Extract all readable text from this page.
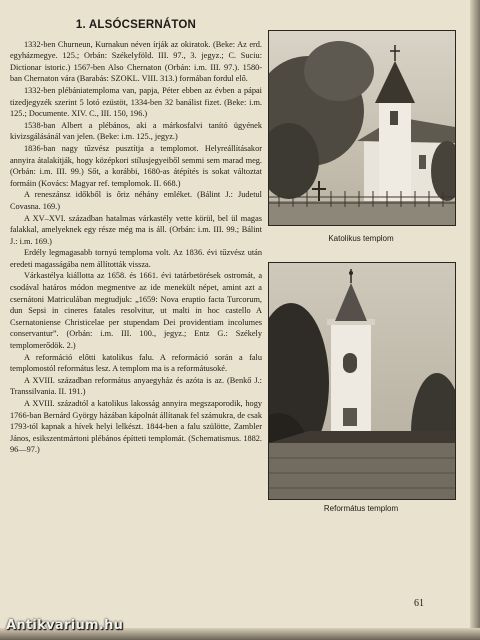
1. ALSÓCSERNÁTON

1332-ben Churneun, Kurnakun néven írják az okiratok. (Beke: Az erd. egyházmegye. 125.; Orbán: Székelyföld. III. 97., 3. jegyz.; C. Suciu: Dictionar istoric.) 1567-ben Also Chernaton (Orbán: i.m. III. 97.). 1580-ban Chernaton vára (Barabás: SZOKL. VIII. 313.) formában fordul elő.

1332-ben plébániatemploma van, papja, Péter ebben az évben a pápai tizedjegyzék szerint 5 lotó ezüstöt, 1334-ben 32 banálist fizet. (Beke: i.m. 125.; Documente. XIV. C., III. 150, 196.)

1538-ban Albert a plébános, aki a márkosfalvi tanító ügyének kivizsgálásánál van jelen. (Beke: i.m. 125., jegyz.)

1836-ban nagy tűzvész pusztítja a templomot. Helyreállításakor annyira átalakítják, hogy középkori stílusjegyeiből semmi sem marad meg. (Orbán: i.m. III. 99.) Sőt, a korábbi, 1680-as átépítés is sokat változtat formáin (Kovács: Magyar ref. templomok. II. 668.)

A reneszánsz időkből is őriz néhány emléket. (Bálint J.: Judetul Covasna. 169.)

A XV–XVI. században hatalmas várkastély vette körül, bel ül magas falakkal, amelyeknek egy része még ma is áll. (Orbán: i.m. III. 99.; Bálint J.: i.m. 169.)

Erdély legmagasabb tornyú temploma volt. Az 1836. évi tűzvész után eredeti magasságába nem állították vissza.

Várkastélya kiállotta az 1658. és 1661. évi tatárbetörések ostromát, a csodával határos módon megmentve az ide menekült népet, amint azt a csernátoni Matriculában megtudjuk: „1659: Nova eruptio facta Turcorum, dun Sepsi in cineres fatales resolvitur, ut malti in hoc castello A Csernatoniense Christicelae per stupendam Dei providentiam incolumes conservantur”. (Orbán: i.m. III. 100., jegyz.; Entz G.: Székely templomerődök. 2.)

A reformáció előtti katolikus falu. A reformáció során a falu templomostól református lesz. A templom ma is a reformátusoké.

A XVIII. században református anyaegyház és azóta is az. (Benkő J.: Transsilvania. II. 191.)

A XVIII. századtól a katolikus lakosság annyira megszaporodik, hogy 1766-ban Bernárd György házában kápolnát állítanak fel számukra, de csak 1793-tól kapnak a hívek helyi lelkészt. 1844-ben a falu szülötte, Zambler János, esikszentmártoni plébános építteti templomát. (Schematismus. 1882. 96—97.)

Katolikus templom
Református templom
61
Antikvarium.hu
